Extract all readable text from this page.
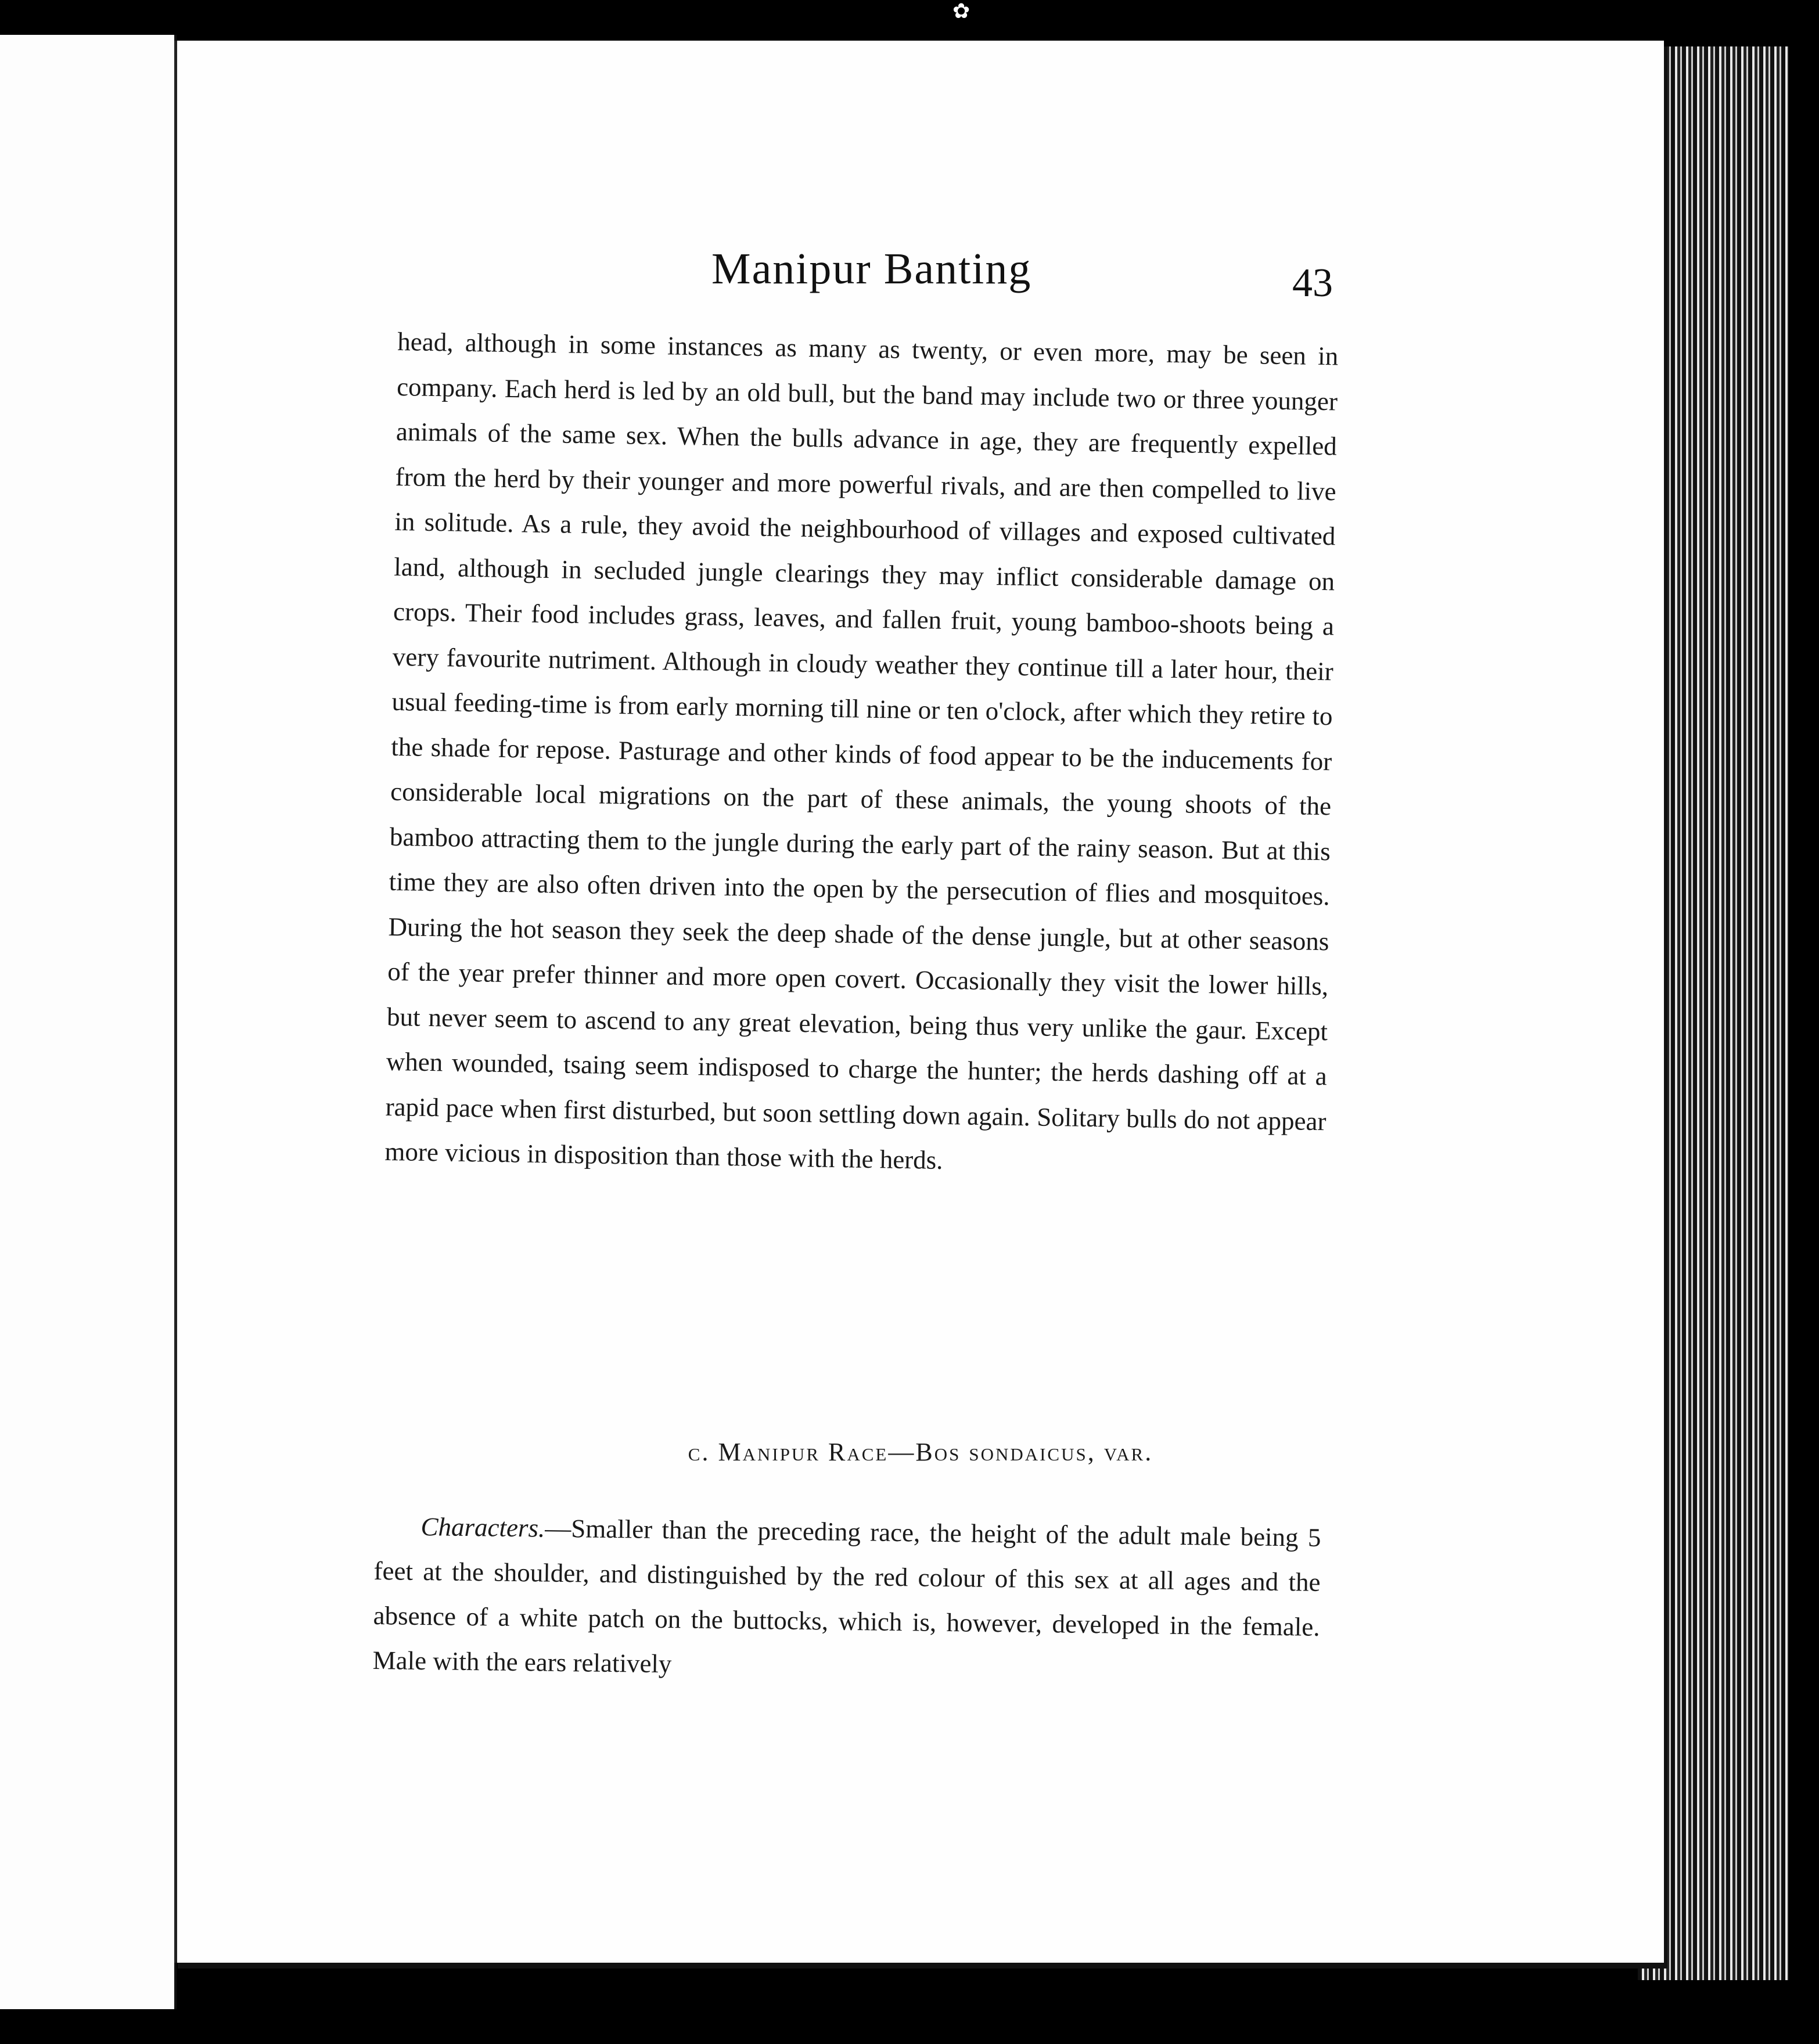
✿
Manipur Banting	43

head, although in some instances as many as twenty, or even more, may be seen in company. Each herd is led by an old bull, but the band may include two or three younger animals of the same sex. When the bulls advance in age, they are frequently expelled from the herd by their younger and more powerful rivals, and are then compelled to live in solitude. As a rule, they avoid the neighbourhood of villages and exposed cultivated land, although in secluded jungle clearings they may inflict considerable damage on crops. Their food includes grass, leaves, and fallen fruit, young bamboo-shoots being a very favourite nutriment. Although in cloudy weather they continue till a later hour, their usual feeding-time is from early morning till nine or ten o'clock, after which they retire to the shade for repose. Pasturage and other kinds of food appear to be the inducements for considerable local migrations on the part of these animals, the young shoots of the bamboo attracting them to the jungle during the early part of the rainy season. But at this time they are also often driven into the open by the persecution of flies and mosquitoes. During the hot season they seek the deep shade of the dense jungle, but at other seasons of the year prefer thinner and more open covert. Occasionally they visit the lower hills, but never seem to ascend to any great elevation, being thus very unlike the gaur. Except when wounded, tsaing seem indisposed to charge the hunter; the herds dashing off at a rapid pace when first disturbed, but soon settling down again. Solitary bulls do not appear more vicious in disposition than those with the herds.

c. Manipur Race—Bos sondaicus, var.

Characters.—Smaller than the preceding race, the height of the adult male being 5 feet at the shoulder, and distinguished by the red colour of this sex at all ages and the absence of a white patch on the buttocks, which is, however, developed in the female. Male with the ears relatively
